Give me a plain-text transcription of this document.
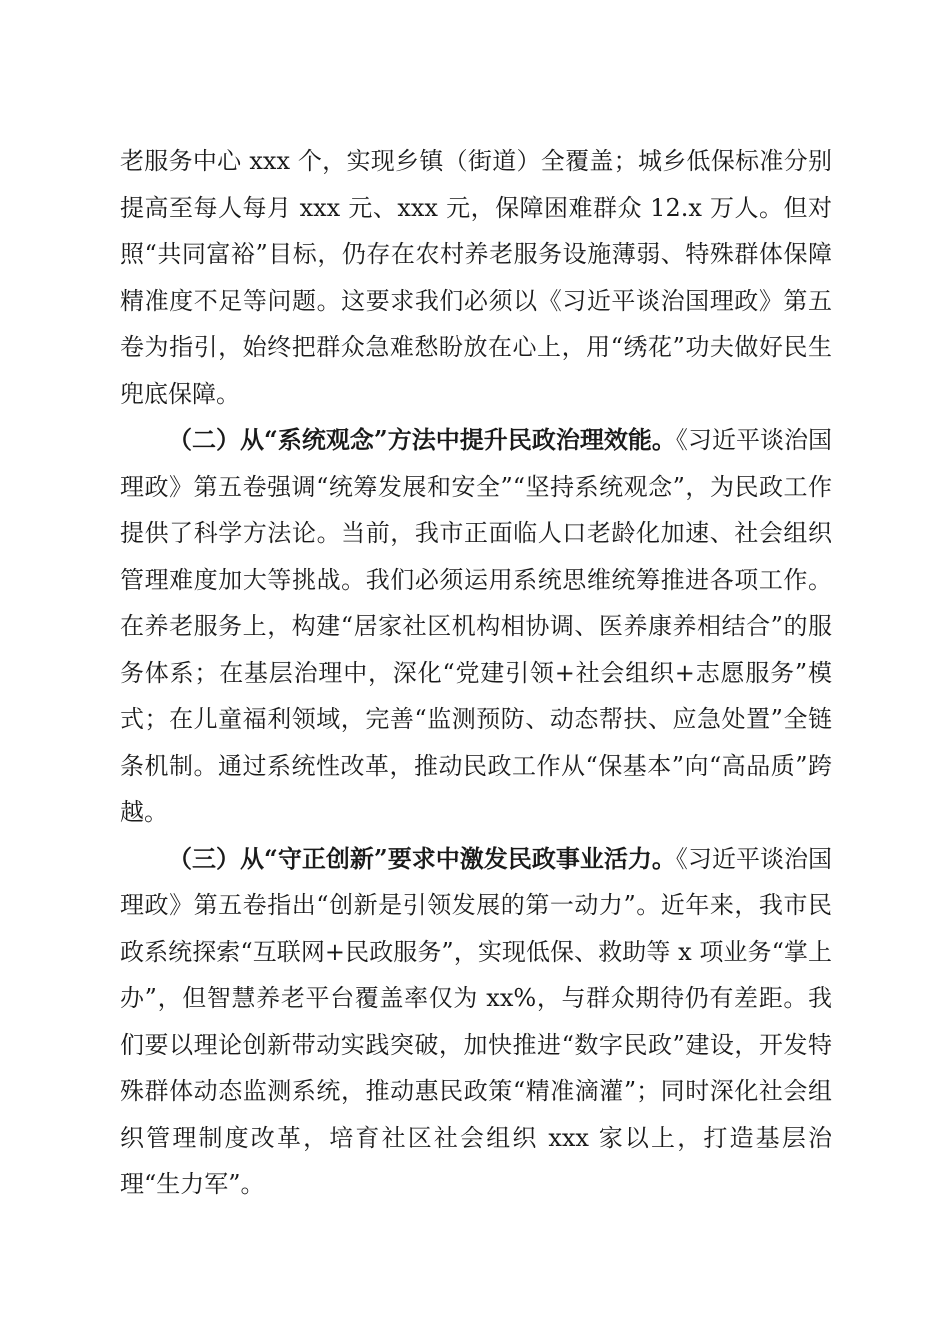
老服务中心 xxx 个，实现乡镇（街道）全覆盖；城乡低保标准分别提高至每人每月 xxx 元、xxx 元，保障困难群众 12.x 万人。但对照“共同富裕”目标，仍存在农村养老服务设施薄弱、特殊群体保障精准度不足等问题。这要求我们必须以《习近平谈治国理政》第五卷为指引，始终把群众急难愁盼放在心上，用“绣花”功夫做好民生兜底保障。

（二）从“系统观念”方法中提升民政治理效能。《习近平谈治国理政》第五卷强调“统筹发展和安全”“坚持系统观念”，为民政工作提供了科学方法论。当前，我市正面临人口老龄化加速、社会组织管理难度加大等挑战。我们必须运用系统思维统筹推进各项工作。在养老服务上，构建“居家社区机构相协调、医养康养相结合”的服务体系；在基层治理中，深化“党建引领+社会组织+志愿服务”模式；在儿童福利领域，完善“监测预防、动态帮扶、应急处置”全链条机制。通过系统性改革，推动民政工作从“保基本”向“高品质”跨越。

（三）从“守正创新”要求中激发民政事业活力。《习近平谈治国理政》第五卷指出“创新是引领发展的第一动力”。近年来，我市民政系统探索“互联网+民政服务”，实现低保、救助等 x 项业务“掌上办”，但智慧养老平台覆盖率仅为 xx%，与群众期待仍有差距。我们要以理论创新带动实践突破，加快推进“数字民政”建设，开发特殊群体动态监测系统，推动惠民政策“精准滴灌”；同时深化社会组织管理制度改革，培育社区社会组织 xxx 家以上，打造基层治理“生力军”。
